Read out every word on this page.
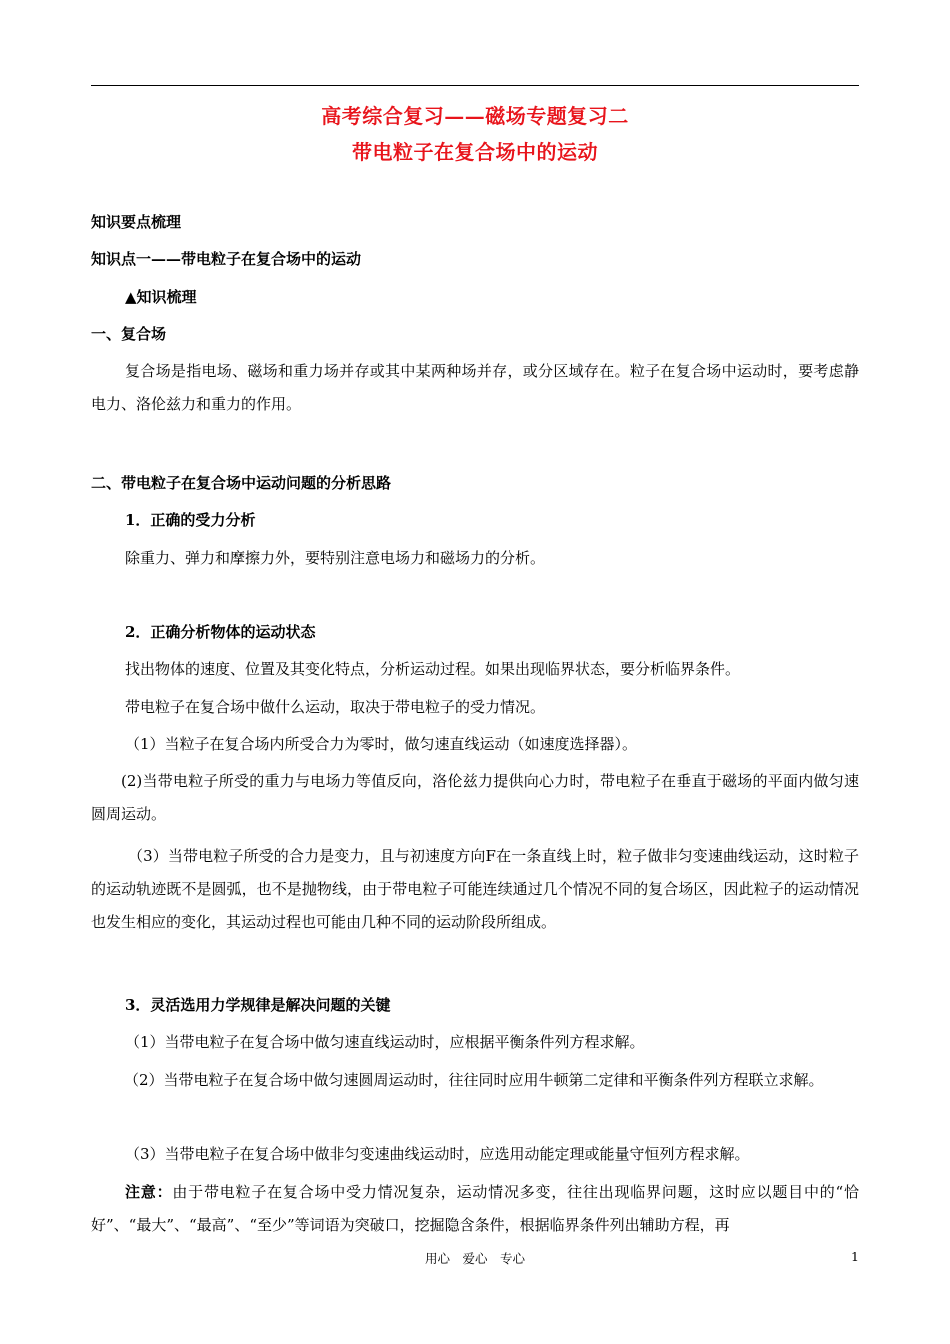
高考综合复习——磁场专题复习二
带电粒子在复合场中的运动
知识要点梳理
知识点一——带电粒子在复合场中的运动
▲知识梳理
一、复合场
复合场是指电场、磁场和重力场并存或其中某两种场并存，或分区域存在。粒子在复合场中运动时，要考虑静电力、洛伦兹力和重力的作用。
二、带电粒子在复合场中运动问题的分析思路
1．正确的受力分析
除重力、弹力和摩擦力外，要特别注意电场力和磁场力的分析。
2．正确分析物体的运动状态
找出物体的速度、位置及其变化特点，分析运动过程。如果出现临界状态，要分析临界条件。
带电粒子在复合场中做什么运动，取决于带电粒子的受力情况。
（1）当粒子在复合场内所受合力为零时，做匀速直线运动（如速度选择器）。
(2)当带电粒子所受的重力与电场力等值反向，洛伦兹力提供向心力时，带电粒子在垂直于磁场的平面内做匀速圆周运动。
（3）当带电粒子所受的合力是变力，且与初速度方向F在一条直线上时，粒子做非匀变速曲线运动，这时粒子的运动轨迹既不是圆弧，也不是抛物线，由于带电粒子可能连续通过几个情况不同的复合场区，因此粒子的运动情况也发生相应的变化，其运动过程也可能由几种不同的运动阶段所组成。
3．灵活选用力学规律是解决问题的关键
（1）当带电粒子在复合场中做匀速直线运动时，应根据平衡条件列方程求解。
（2）当带电粒子在复合场中做匀速圆周运动时，往往同时应用牛顿第二定律和平衡条件列方程联立求解。
（3）当带电粒子在复合场中做非匀变速曲线运动时，应选用动能定理或能量守恒列方程求解。
注意：由于带电粒子在复合场中受力情况复杂，运动情况多变，往往出现临界问题，这时应以题目中的“恰好”、“最大”、“最高”、“至少”等词语为突破口，挖掘隐含条件，根据临界条件列出辅助方程，再
用心　爱心　专心	1
